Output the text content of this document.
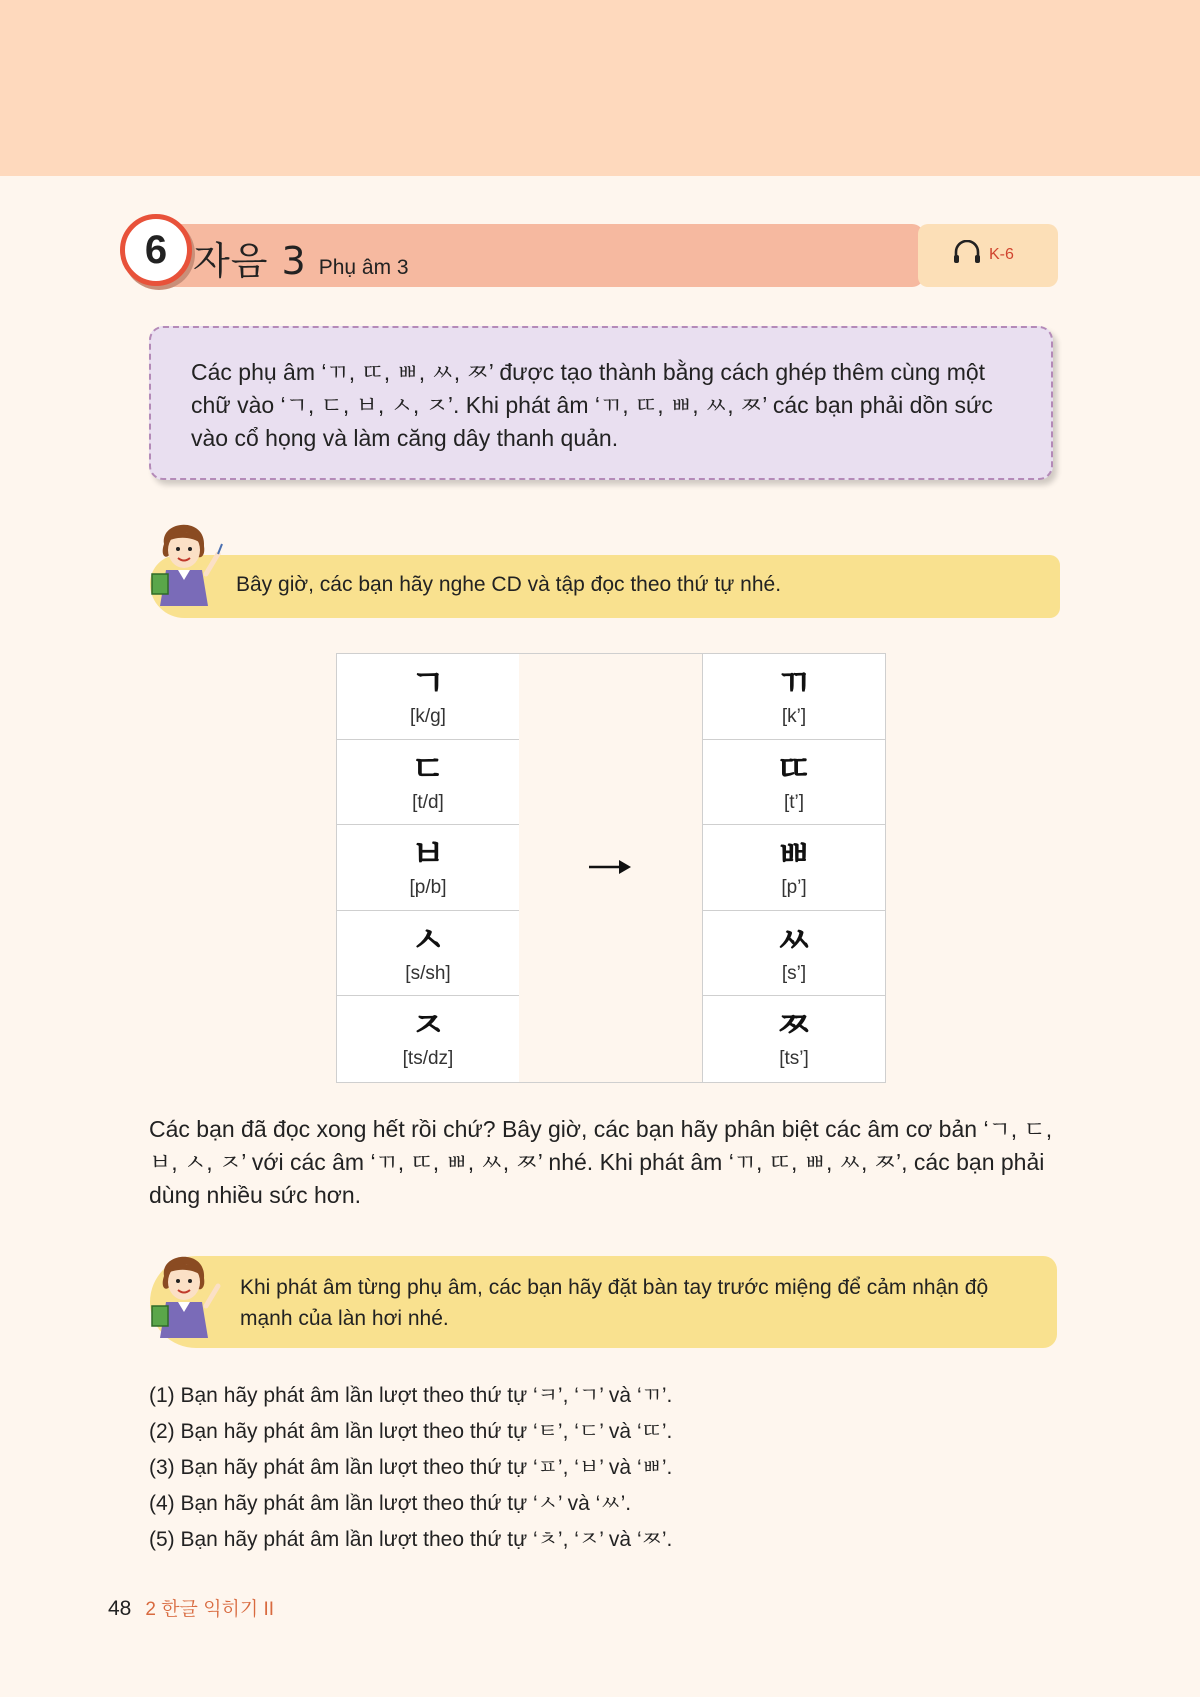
6 자음 3 Phụ âm 3
K-6
Các phụ âm ‘ㄲ, ㄸ, ㅃ, ㅆ, ㅉ’ được tạo thành bằng cách ghép thêm cùng một chữ vào ‘ㄱ, ㄷ, ㅂ, ㅅ, ㅈ’. Khi phát âm ‘ㄲ, ㄸ, ㅃ, ㅆ, ㅉ’ các bạn phải dồn sức vào cổ họng và làm căng dây thanh quản.
Bây giờ, các bạn hãy nghe CD và tập đọc theo thứ tự nhé.
ㄱ
[k/g]
ㄷ
[t/d]
ㅂ
[p/b]
ㅅ
[s/sh]
ㅈ
[ts/dz]
ㄲ
[k’]
ㄸ
[t’]
ㅃ
[p’]
ㅆ
[s’]
ㅉ
[ts’]
Các bạn đã đọc xong hết rồi chứ? Bây giờ, các bạn hãy phân biệt các âm cơ bản ‘ㄱ, ㄷ, ㅂ, ㅅ, ㅈ’ với các âm ‘ㄲ, ㄸ, ㅃ, ㅆ, ㅉ’ nhé. Khi phát âm ‘ㄲ, ㄸ, ㅃ, ㅆ, ㅉ’, các bạn phải dùng nhiều sức hơn.
Khi phát âm từng phụ âm, các bạn hãy đặt bàn tay trước miệng để cảm nhận độ mạnh của làn hơi nhé.
(1) Bạn hãy phát âm lần lượt theo thứ tự ‘ㅋ’, ‘ㄱ’ và ‘ㄲ’.
(2) Bạn hãy phát âm lần lượt theo thứ tự ‘ㅌ’, ‘ㄷ’ và ‘ㄸ’.
(3) Bạn hãy phát âm lần lượt theo thứ tự ‘ㅍ’, ‘ㅂ’ và ‘ㅃ’.
(4) Bạn hãy phát âm lần lượt theo thứ tự ‘ㅅ’ và ‘ㅆ’.
(5) Bạn hãy phát âm lần lượt theo thứ tự ‘ㅊ’, ‘ㅈ’ và ‘ㅉ’.
48 2 한글 익히기 II
